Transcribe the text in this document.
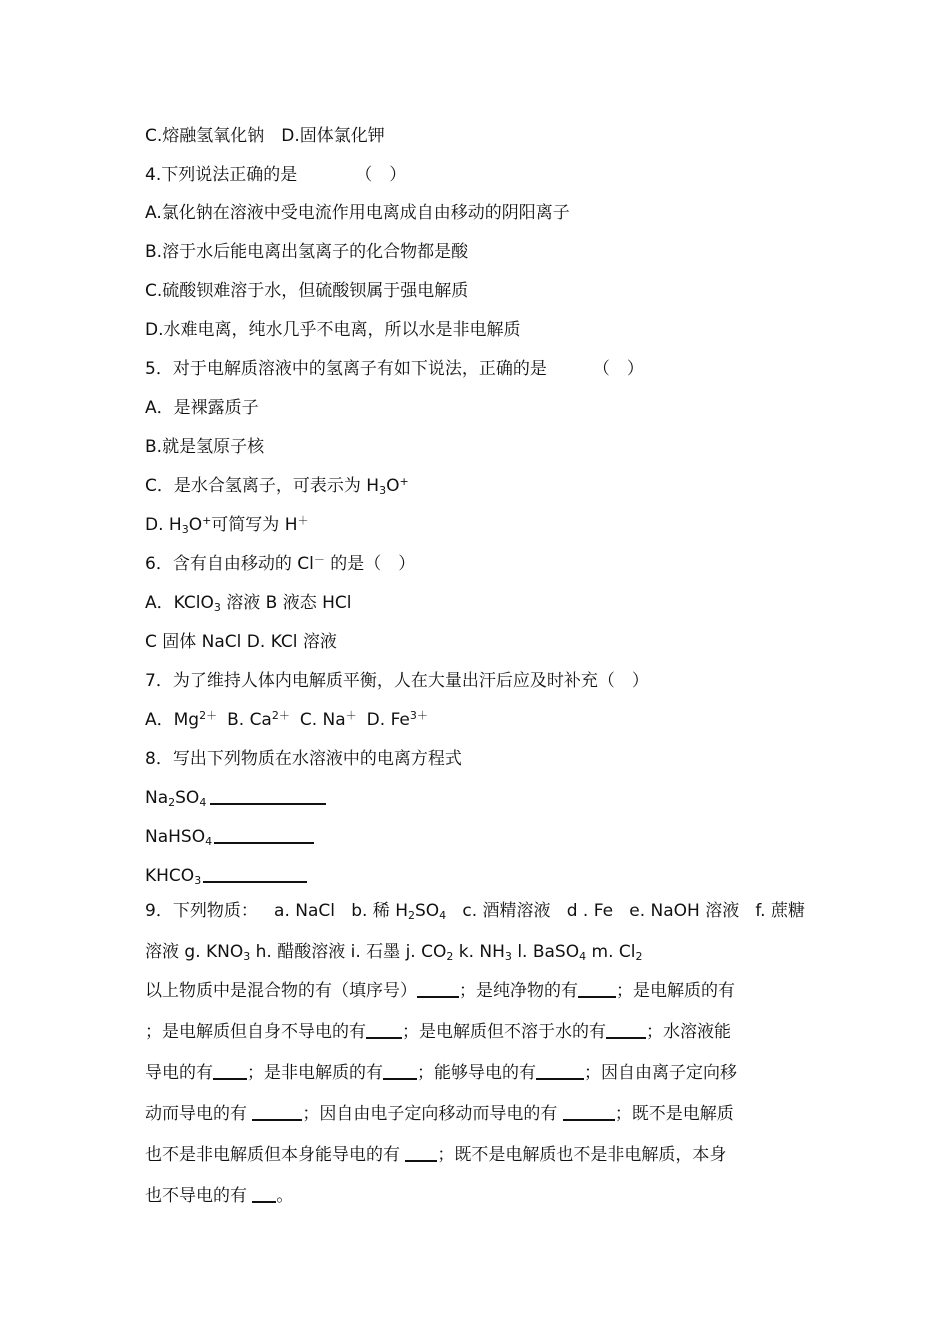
C.熔融氢氧化钠　D.固体氯化钾
4.下列说法正确的是	（　）
A.氯化钠在溶液中受电流作用电离成自由移动的阴阳离子
B.溶于水后能电离出氢离子的化合物都是酸
C.硫酸钡难溶于水，但硫酸钡属于强电解质
D.水难电离，纯水几乎不电离，所以水是非电解质
5．对于电解质溶液中的氢离子有如下说法，正确的是	（　）
A．是裸露质子
B.就是氢原子核
C．是水合氢离子，可表示为 $H_3O^+$
D. $H_3O^+$可简写为 H＋
6．含有自由移动的 Cl－ 的是（　）
A．KClO$_3$ 溶液 B 液态 HCl
C 固体 NaCl D. KCl 溶液
7．为了维持人体内电解质平衡，人在大量出汗后应及时补充（　）
A．$Mg^{2+}$ B. $Ca^{2+}$ C. Na＋ D. $Fe^{3+}$
8．写出下列物质在水溶液中的电离方程式
$Na_2SO_4$
NaHSO$_4$
$KHCO_3$
9．下列物质： a. NaCl b. 稀 $H_2SO_4$ c. 酒精溶液 d . Fe e. NaOH 溶液 f. 蔗糖
溶液 g. $KNO_3$ h. 醋酸溶液 i. 石墨 j. $CO_2$ k. $NH_3$ l. BaSO$_4$ m. $Cl_2$
以上物质中是混合物的有（填序号） ；是纯净物的有 ；是电解质的有
；是电解质但自身不导电的有 ；是电解质但不溶于水的有 ；水溶液能
导电的有 ；是非电解质的有 ；能够导电的有	；因自由离子定向移
动而导电的有	；因自由电子定向移动而导电的有	；既不是电解质
也不是非电解质但本身能导电的有 ；既不是电解质也不是非电解质，本身
也不导电的有 。
